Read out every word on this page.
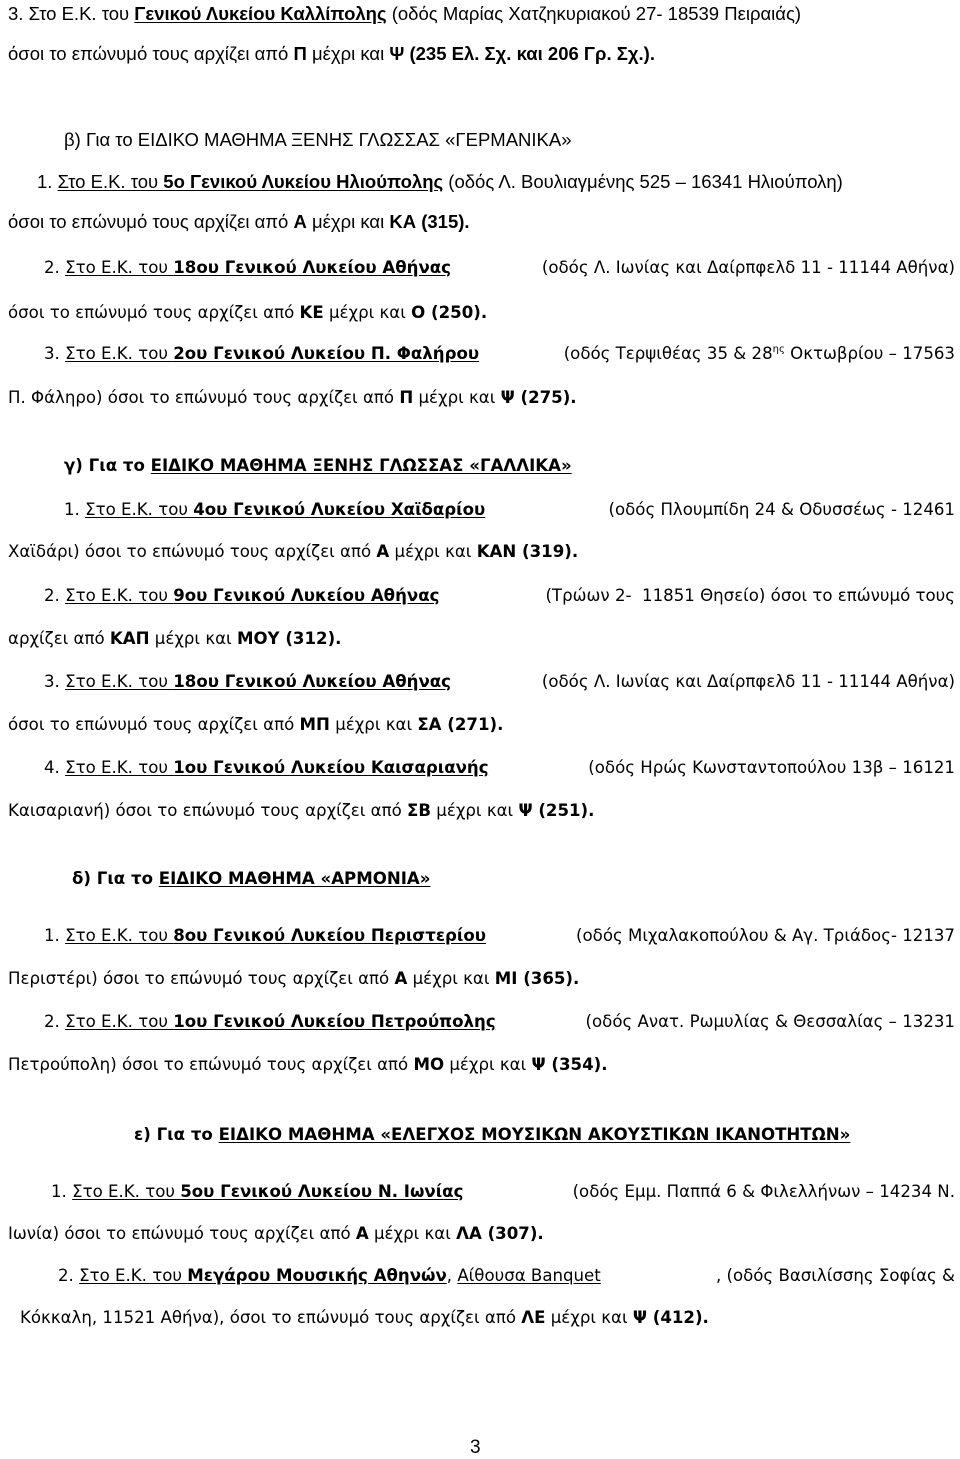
3. Στο Ε.Κ. του Γενικού Λυκείου Καλλίπολης (οδός Μαρίας Χατζηκυριακού 27- 18539 Πειραιάς)
όσοι το επώνυμό τους αρχίζει από Π μέχρι και Ψ (235 Ελ. Σχ. και 206 Γρ. Σχ.).
β) Για το ΕΙΔΙΚΟ ΜΑΘΗΜΑ ΞΕΝΗΣ ΓΛΩΣΣΑΣ «ΓΕΡΜΑΝΙΚΑ»
1. Στο Ε.Κ. του 5ο Γενικού Λυκείου Ηλιούπολης (οδός Λ. Βουλιαγμένης 525 – 16341 Ηλιούπολη)
όσοι το επώνυμό τους αρχίζει από Α μέχρι και ΚΑ (315).
2. Στο Ε.Κ. του 18ου Γενικού Λυκείου Αθήνας	(οδός Λ. Ιωνίας και Δαίρπφελδ 11 - 11144 Αθήνα)
όσοι το επώνυμό τους αρχίζει από ΚΕ μέχρι και Ο (250).
3. Στο Ε.Κ. του 2ου Γενικού Λυκείου Π. Φαλήρου	(οδός Τερψιθέας 35 & $28^{\eta\varsigma}$ Οκτωβρίου – 17563
Π. Φάληρο) όσοι το επώνυμό τους αρχίζει από Π μέχρι και Ψ (275).
γ) Για το ΕΙΔΙΚΟ ΜΑΘΗΜΑ ΞΕΝΗΣ ΓΛΩΣΣΑΣ «ΓΑΛΛΙΚΑ»
1. Στο Ε.Κ. του 4ου Γενικού Λυκείου Χαϊδαρίου	(οδός Πλουμπίδη 24 & Οδυσσέως - 12461
Χαϊδάρι) όσοι το επώνυμό τους αρχίζει από Α μέχρι και ΚΑΝ (319).
2. Στο Ε.Κ. του 9ου Γενικού Λυκείου Αθήνας	(Τρώων 2-  11851 Θησείο) όσοι το επώνυμό τους
αρχίζει από ΚΑΠ μέχρι και ΜΟΥ (312).
3. Στο Ε.Κ. του 18ου Γενικού Λυκείου Αθήνας	(οδός Λ. Ιωνίας και Δαίρπφελδ 11 - 11144 Αθήνα)
όσοι το επώνυμό τους αρχίζει από ΜΠ μέχρι και ΣΑ (271).
4. Στο Ε.Κ. του 1ου Γενικού Λυκείου Καισαριανής	(οδός Ηρώς Κωνσταντοπούλου 13β – 16121
Καισαριανή) όσοι το επώνυμό τους αρχίζει από ΣΒ μέχρι και Ψ (251).
δ) Για το ΕΙΔΙΚΟ ΜΑΘΗΜΑ «ΑΡΜΟΝΙΑ»
1. Στο Ε.Κ. του 8ου Γενικού Λυκείου Περιστερίου	(οδός Μιχαλακοπούλου & Αγ. Τριάδος- 12137
Περιστέρι) όσοι το επώνυμό τους αρχίζει από Α μέχρι και ΜΙ (365).
2. Στο Ε.Κ. του 1ου Γενικού Λυκείου Πετρούπολης	(οδός Ανατ. Ρωμυλίας & Θεσσαλίας – 13231
Πετρούπολη) όσοι το επώνυμό τους αρχίζει από ΜΟ μέχρι και Ψ (354).
ε) Για το ΕΙΔΙΚΟ ΜΑΘΗΜΑ «ΕΛΕΓΧΟΣ ΜΟΥΣΙΚΩΝ ΑΚΟΥΣΤΙΚΩΝ ΙΚΑΝΟΤΗΤΩΝ»
1. Στο Ε.Κ. του 5ου Γενικού Λυκείου Ν. Ιωνίας	(οδός Εμμ. Παππά 6 & Φιλελλήνων – 14234 Ν.
Ιωνία) όσοι το επώνυμό τους αρχίζει από Α μέχρι και ΛΑ (307).
2. Στο Ε.Κ. του Μεγάρου Μουσικής Αθηνών, Αίθουσα Banquet	, (οδός Βασιλίσσης Σοφίας &
Κόκκαλη, 11521 Αθήνα), όσοι το επώνυμό τους αρχίζει από ΛΕ μέχρι και Ψ (412).
3
